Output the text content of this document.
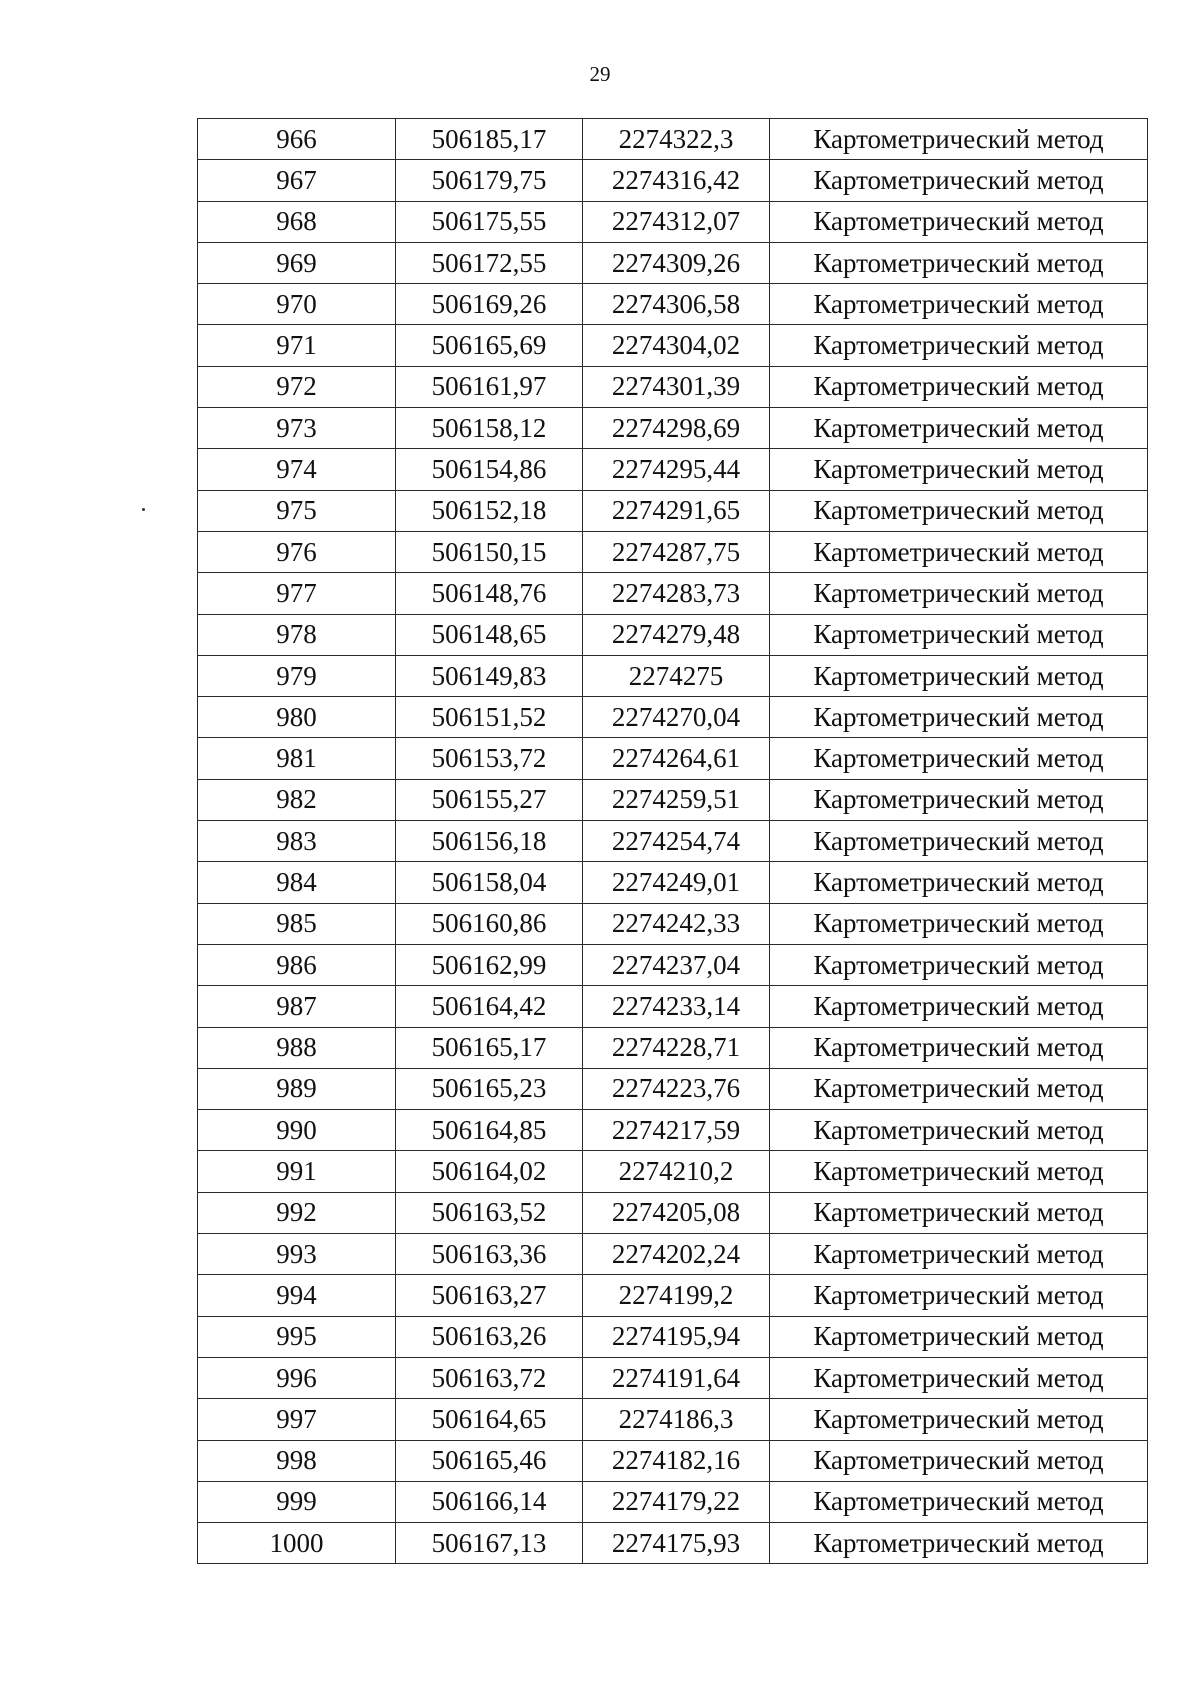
29
966	506185,17	2274322,3	Картометрический метод
967	506179,75	2274316,42	Картометрический метод
968	506175,55	2274312,07	Картометрический метод
969	506172,55	2274309,26	Картометрический метод
970	506169,26	2274306,58	Картометрический метод
971	506165,69	2274304,02	Картометрический метод
972	506161,97	2274301,39	Картометрический метод
973	506158,12	2274298,69	Картометрический метод
974	506154,86	2274295,44	Картометрический метод
975	506152,18	2274291,65	Картометрический метод
976	506150,15	2274287,75	Картометрический метод
977	506148,76	2274283,73	Картометрический метод
978	506148,65	2274279,48	Картометрический метод
979	506149,83	2274275	Картометрический метод
980	506151,52	2274270,04	Картометрический метод
981	506153,72	2274264,61	Картометрический метод
982	506155,27	2274259,51	Картометрический метод
983	506156,18	2274254,74	Картометрический метод
984	506158,04	2274249,01	Картометрический метод
985	506160,86	2274242,33	Картометрический метод
986	506162,99	2274237,04	Картометрический метод
987	506164,42	2274233,14	Картометрический метод
988	506165,17	2274228,71	Картометрический метод
989	506165,23	2274223,76	Картометрический метод
990	506164,85	2274217,59	Картометрический метод
991	506164,02	2274210,2	Картометрический метод
992	506163,52	2274205,08	Картометрический метод
993	506163,36	2274202,24	Картометрический метод
994	506163,27	2274199,2	Картометрический метод
995	506163,26	2274195,94	Картометрический метод
996	506163,72	2274191,64	Картометрический метод
997	506164,65	2274186,3	Картометрический метод
998	506165,46	2274182,16	Картометрический метод
999	506166,14	2274179,22	Картометрический метод
1000	506167,13	2274175,93	Картометрический метод
